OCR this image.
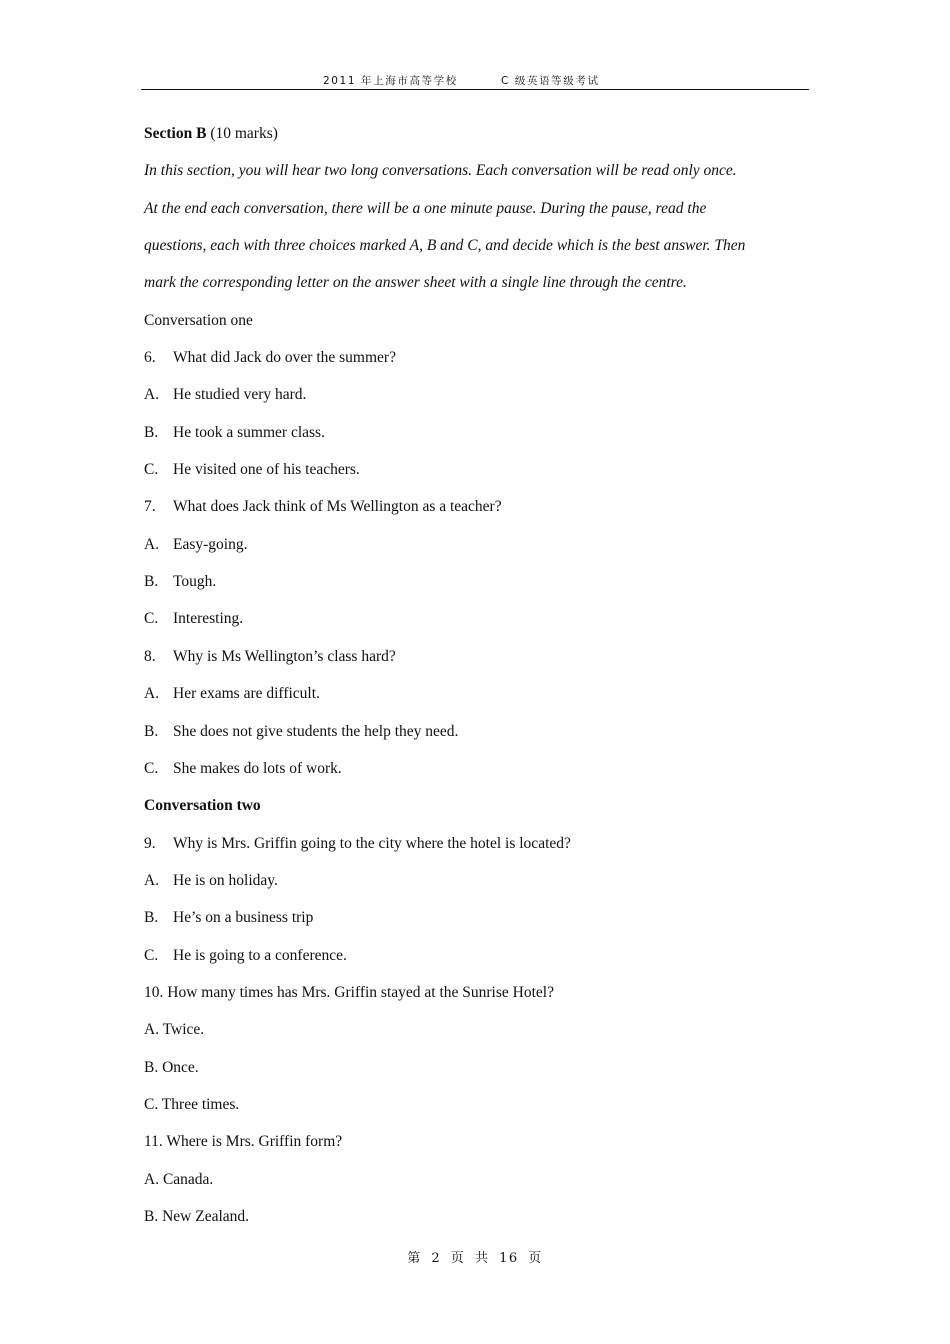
2011 年上海市高等学校	C 级英语等级考试
Section B (10 marks)
In this section, you will hear two long conversations. Each conversation will be read only once.
At the end each conversation, there will be a one minute pause. During the pause, read the
questions, each with three choices marked A, B and C, and decide which is the best answer. Then
mark the corresponding letter on the answer sheet with a single line through the centre.
Conversation one
6. What did Jack do over the summer?
A. He studied very hard.
B. He took a summer class.
C. He visited one of his teachers.
7. What does Jack think of Ms Wellington as a teacher?
A. Easy-going.
B. Tough.
C. Interesting.
8. Why is Ms Wellington’s class hard?
A. Her exams are difficult.
B. She does not give students the help they need.
C. She makes do lots of work.
Conversation two
9. Why is Mrs. Griffin going to the city where the hotel is located?
A. He is on holiday.
B. He’s on a business trip
C. He is going to a conference.
10. How many times has Mrs. Griffin stayed at the Sunrise Hotel?
A. Twice.
B. Once.
C. Three times.
11. Where is Mrs. Griffin form?
A. Canada.
B. New Zealand.
第 2 页 共 16 页
